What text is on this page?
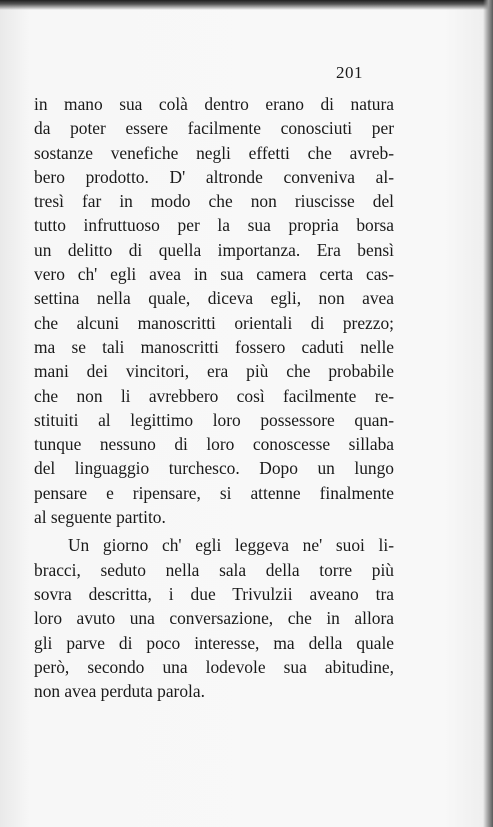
201
in mano sua colà dentro erano di natura
da poter essere facilmente conosciuti per
sostanze venefiche negli effetti che avreb-
bero prodotto. D' altronde conveniva al-
tresì far in modo che non riuscisse del
tutto infruttuoso per la sua propria borsa
un delitto di quella importanza. Era bensì
vero ch' egli avea in sua camera certa cas-
settina nella quale, diceva egli, non avea
che alcuni manoscritti orientali di prezzo;
ma se tali manoscritti fossero caduti nelle
mani dei vincitori, era più che probabile
che non li avrebbero così facilmente re-
stituiti al legittimo loro possessore quan-
tunque nessuno di loro conoscesse sillaba
del linguaggio turchesco. Dopo un lungo
pensare e ripensare, si attenne finalmente
al seguente partito.
Un giorno ch' egli leggeva ne' suoi li-
bracci, seduto nella sala della torre più
sovra descritta, i due Trivulzii aveano tra
loro avuto una conversazione, che in allora
gli parve di poco interesse, ma della quale
però, secondo una lodevole sua abitudine,
non avea perduta parola.
